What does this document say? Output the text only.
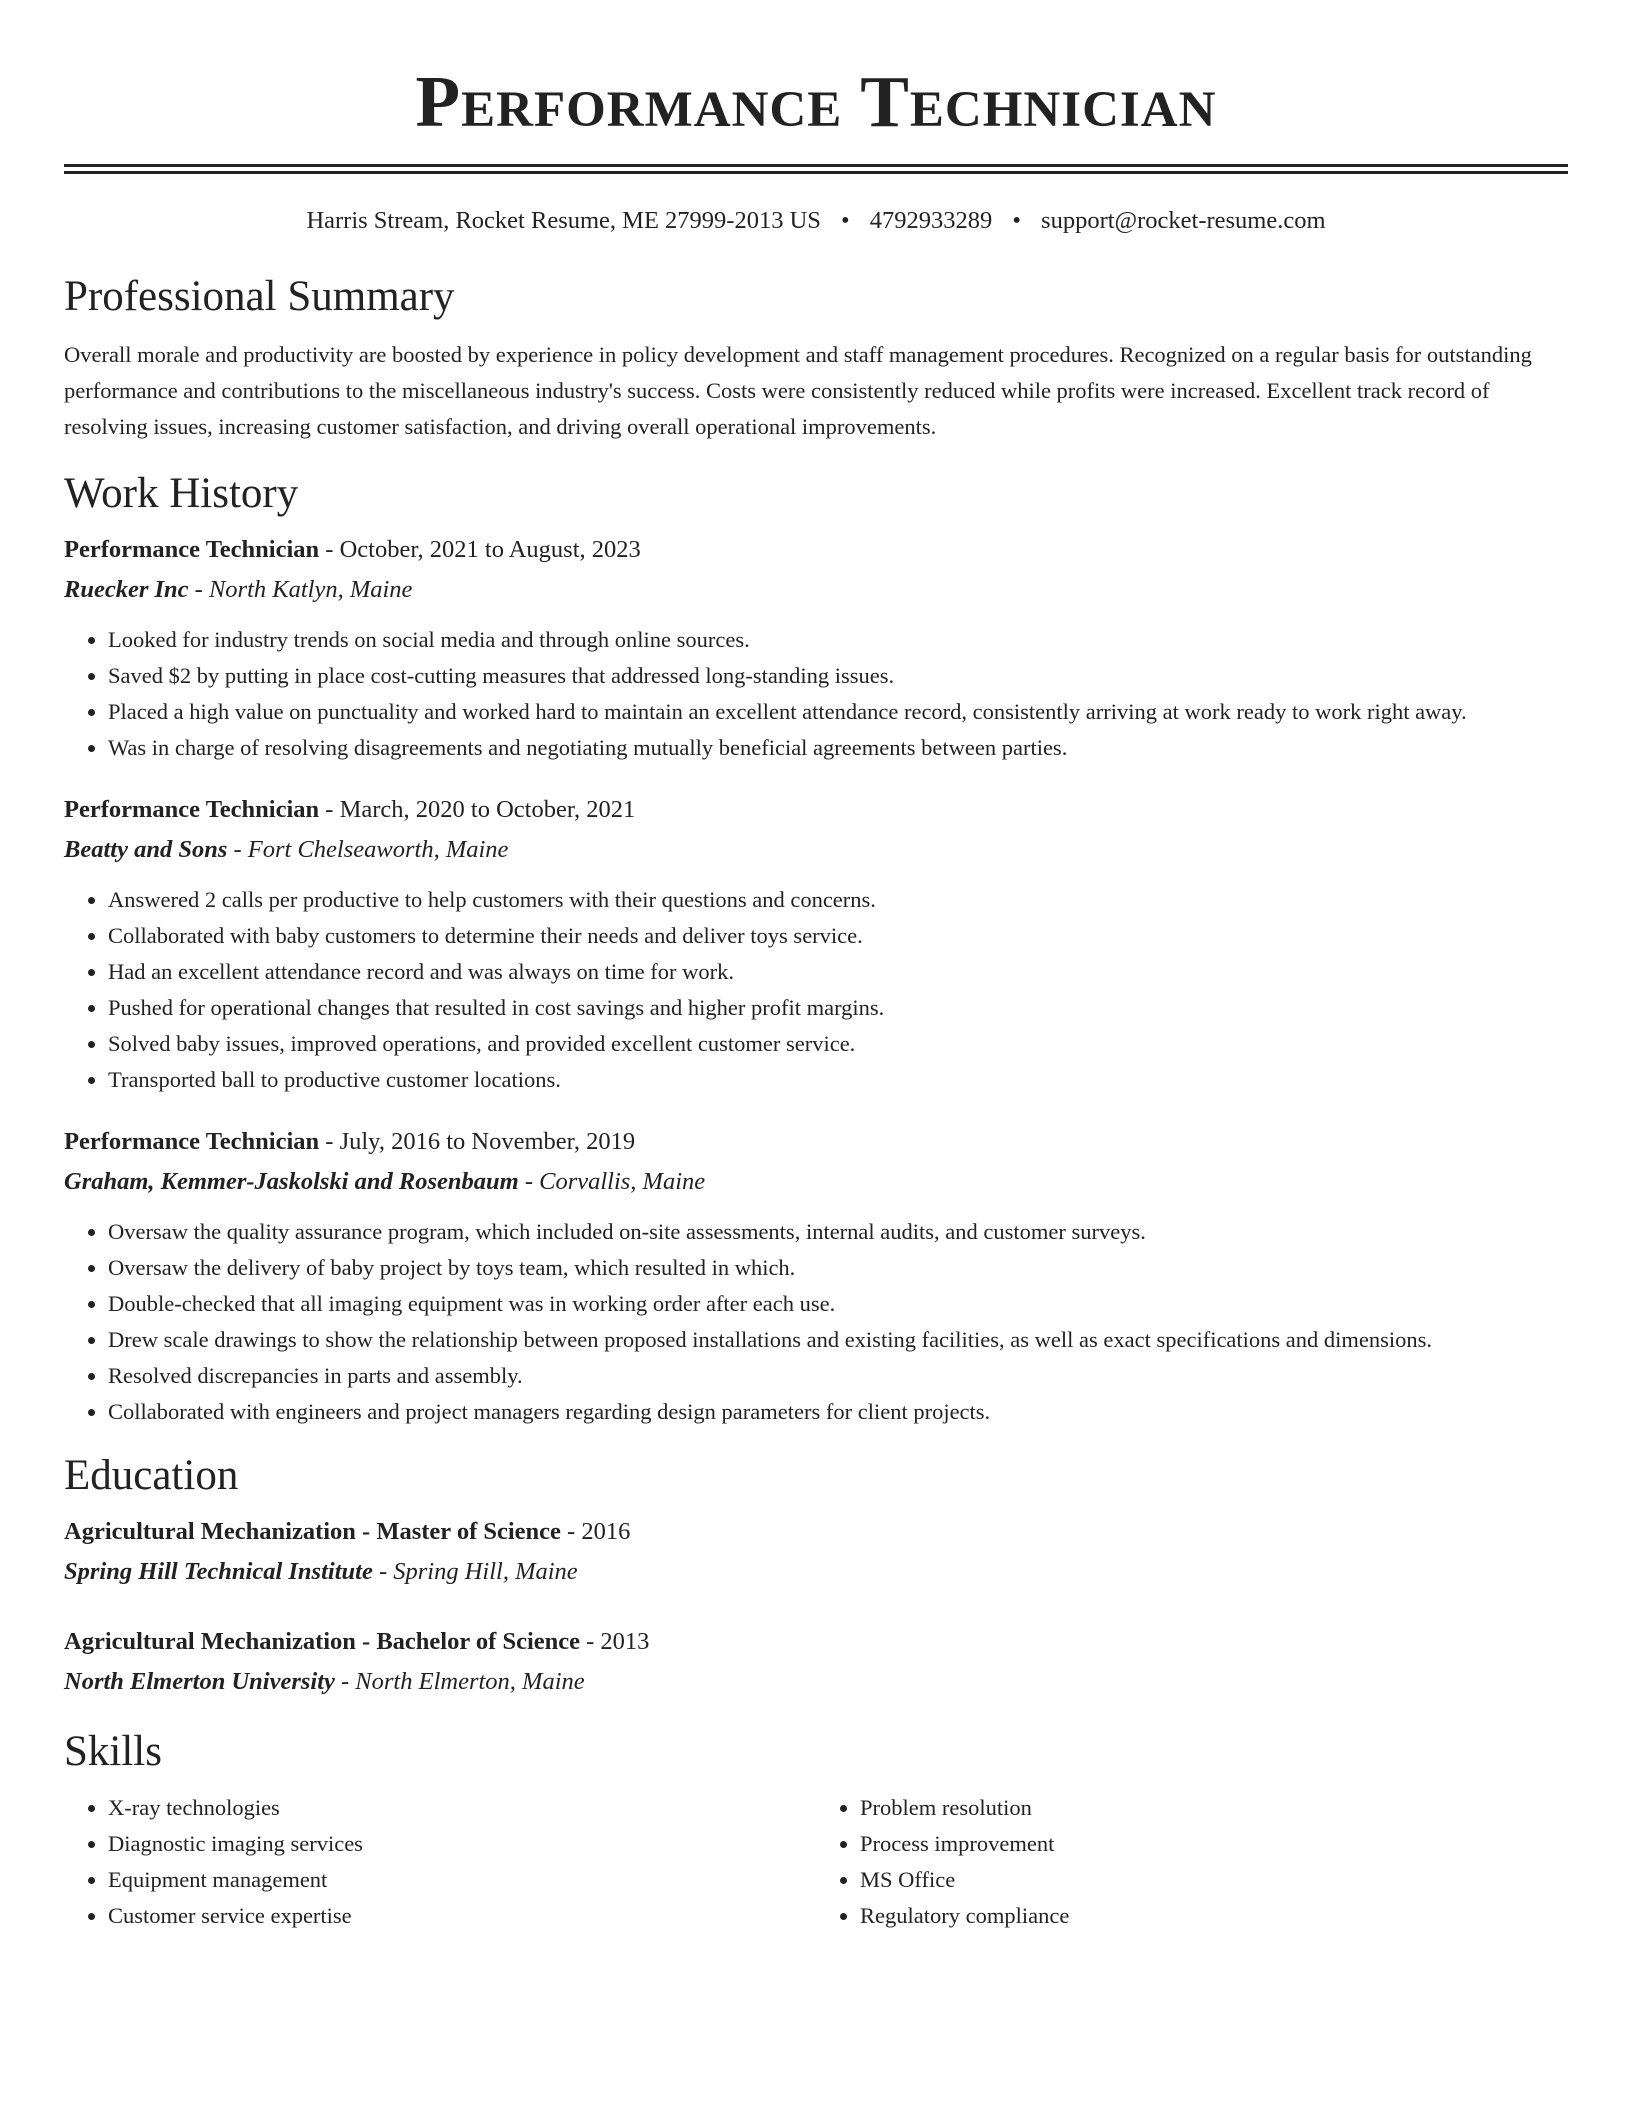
Performance Technician
Harris Stream, Rocket Resume, ME 27999-2013 US • 4792933289 • support@rocket-resume.com
Professional Summary

Overall morale and productivity are boosted by experience in policy development and staff management procedures. Recognized on a regular basis for outstanding performance and contributions to the miscellaneous industry's success. Costs were consistently reduced while profits were increased. Excellent track record of resolving issues, increasing customer satisfaction, and driving overall operational improvements.

Work History
Performance Technician - October, 2021 to August, 2023
Ruecker Inc - North Katlyn, Maine
• Looked for industry trends on social media and through online sources.
• Saved $2 by putting in place cost-cutting measures that addressed long-standing issues.
• Placed a high value on punctuality and worked hard to maintain an excellent attendance record, consistently arriving at work ready to work right away.
• Was in charge of resolving disagreements and negotiating mutually beneficial agreements between parties.
Performance Technician - March, 2020 to October, 2021
Beatty and Sons - Fort Chelseaworth, Maine
• Answered 2 calls per productive to help customers with their questions and concerns.
• Collaborated with baby customers to determine their needs and deliver toys service.
• Had an excellent attendance record and was always on time for work.
• Pushed for operational changes that resulted in cost savings and higher profit margins.
• Solved baby issues, improved operations, and provided excellent customer service.
• Transported ball to productive customer locations.
Performance Technician - July, 2016 to November, 2019
Graham, Kemmer-Jaskolski and Rosenbaum - Corvallis, Maine
• Oversaw the quality assurance program, which included on-site assessments, internal audits, and customer surveys.
• Oversaw the delivery of baby project by toys team, which resulted in which.
• Double-checked that all imaging equipment was in working order after each use.
• Drew scale drawings to show the relationship between proposed installations and existing facilities, as well as exact specifications and dimensions.
• Resolved discrepancies in parts and assembly.
• Collaborated with engineers and project managers regarding design parameters for client projects.
Education
Agricultural Mechanization - Master of Science - 2016
Spring Hill Technical Institute - Spring Hill, Maine
Agricultural Mechanization - Bachelor of Science - 2013
North Elmerton University - North Elmerton, Maine
Skills
• X-ray technologies
• Diagnostic imaging services
• Equipment management
• Customer service expertise
• Problem resolution
• Process improvement
• MS Office
• Regulatory compliance
